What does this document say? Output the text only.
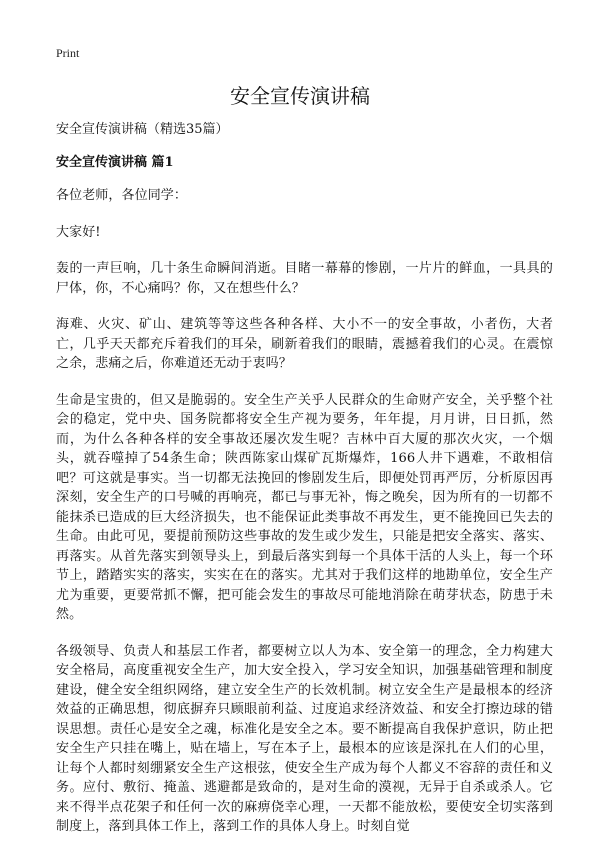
Print
安全宣传演讲稿

安全宣传演讲稿（精选35篇）

安全宣传演讲稿 篇1

各位老师，各位同学：

大家好!

轰的一声巨响，几十条生命瞬间消逝。目睹一幕幕的惨剧，一片片的鲜血，一具具的尸体，你，不心痛吗？你，又在想些什么？

海难、火灾、矿山、建筑等等这些各种各样、大小不一的安全事故，小者伤，大者亡，几乎天天都充斥着我们的耳朵，刷新着我们的眼睛，震撼着我们的心灵。在震惊之余，悲痛之后，你难道还无动于衷吗？

生命是宝贵的，但又是脆弱的。安全生产关乎人民群众的生命财产安全，关乎整个社会的稳定，党中央、国务院都将安全生产视为要务，年年提，月月讲，日日抓，然而，为什么各种各样的安全事故还屡次发生呢？吉林中百大厦的那次火灾，一个烟头，就吞噬掉了54条生命；陕西陈家山煤矿瓦斯爆炸，166人井下遇难，不敢相信吧？可这就是事实。当一切都无法挽回的惨剧发生后，即便处罚再严厉，分析原因再深刻，安全生产的口号喊的再响亮，都已与事无补，悔之晚矣，因为所有的一切都不能抹杀已造成的巨大经济损失，也不能保证此类事故不再发生，更不能挽回已失去的生命。由此可见，要提前预防这些事故的发生或少发生，只能是把安全落实、落实、再落实。从首先落实到领导头上，到最后落实到每一个具体干活的人头上，每一个环节上，踏踏实实的落实，实实在在的落实。尤其对于我们这样的地勘单位，安全生产尤为重要，更要常抓不懈，把可能会发生的事故尽可能地消除在萌芽状态，防患于未然。

各级领导、负责人和基层工作者，都要树立以人为本、安全第一的理念，全力构建大安全格局，高度重视安全生产，加大安全投入，学习安全知识，加强基础管理和制度建设，健全安全组织网络，建立安全生产的长效机制。树立安全生产是最根本的经济效益的正确思想，彻底摒弃只顾眼前利益、过度追求经济效益、和安全打擦边球的错误思想。责任心是安全之魂，标准化是安全之本。要不断提高自我保护意识，防止把安全生产只挂在嘴上，贴在墙上，写在本子上，最根本的应该是深扎在人们的心里，让每个人都时刻绷紧安全生产这根弦，使安全生产成为每个人都义不容辞的责任和义务。应付、敷衍、掩盖、逃避都是致命的，是对生命的漠视，无异于自杀或杀人。它来不得半点花架子和任何一次的麻痹侥幸心理，一天都不能放松，要使安全切实落到制度上，落到具体工作上，落到工作的具体人身上。时刻自觉
